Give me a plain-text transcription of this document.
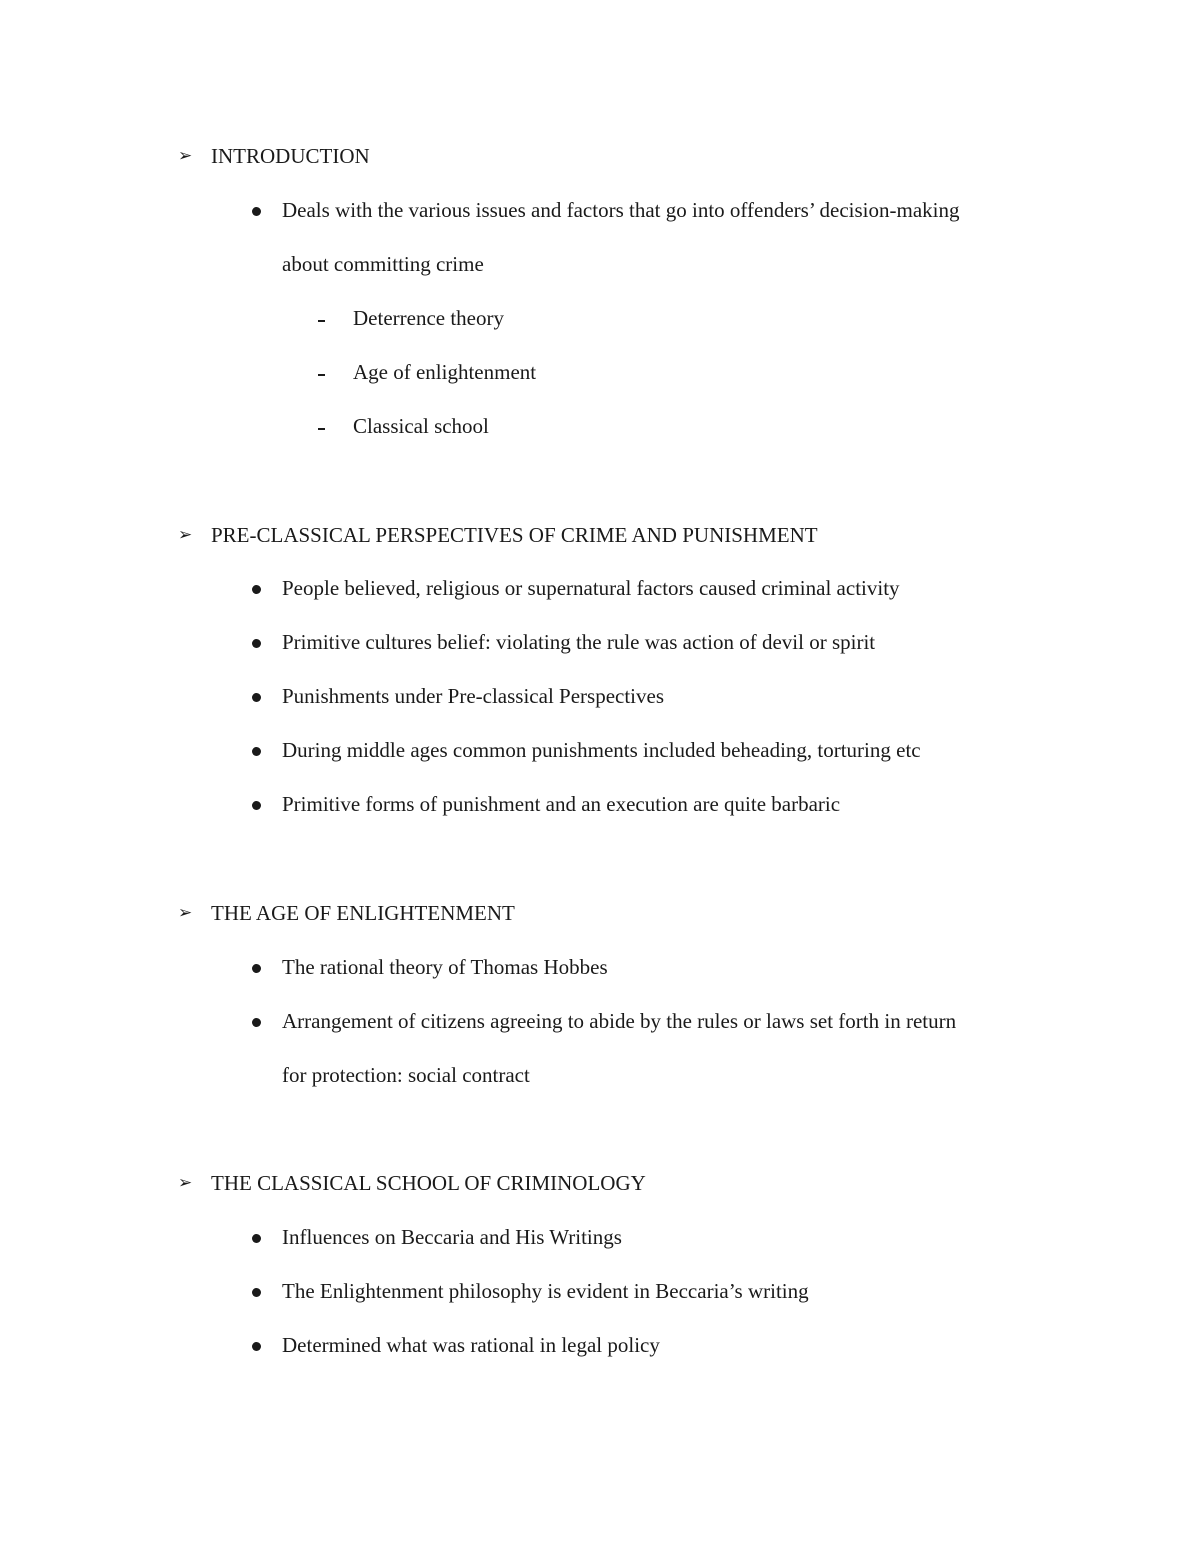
➢ INTRODUCTION
Deals with the various issues and factors that go into offenders’ decision-making
about committing crime
Deterrence theory
Age of enlightenment
Classical school
➢ PRE-CLASSICAL PERSPECTIVES OF CRIME AND PUNISHMENT
People believed, religious or supernatural factors caused criminal activity
Primitive cultures belief: violating the rule was action of devil or spirit
Punishments under Pre-classical Perspectives
During middle ages common punishments included beheading, torturing etc
Primitive forms of punishment and an execution are quite barbaric
➢ THE AGE OF ENLIGHTENMENT
The rational theory of Thomas Hobbes
Arrangement of citizens agreeing to abide by the rules or laws set forth in return
for protection: social contract
➢ THE CLASSICAL SCHOOL OF CRIMINOLOGY
Influences on Beccaria and His Writings
The Enlightenment philosophy is evident in Beccaria’s writing
Determined what was rational in legal policy
